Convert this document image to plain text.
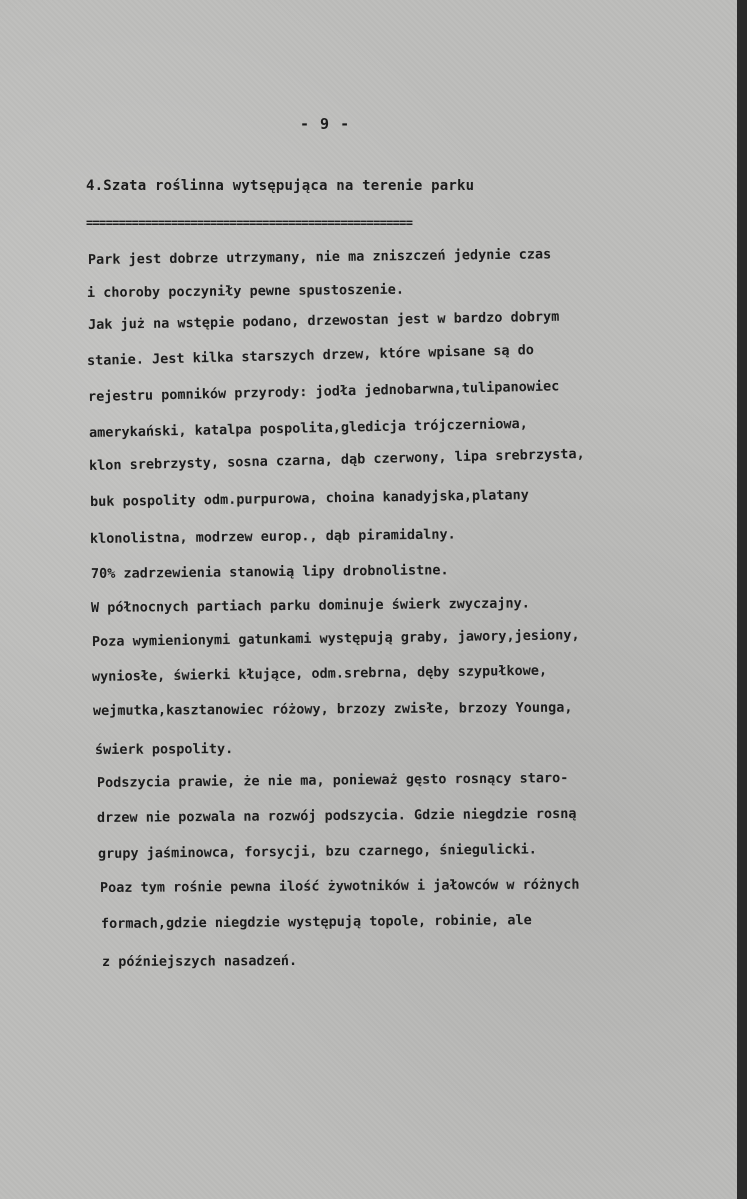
- 9 -
4.Szata roślinna wytsępująca na terenie parku
==================================================
Park jest dobrze utrzymany, nie ma zniszczeń jedynie czas
i choroby poczyniły pewne spustoszenie.
Jak już na wstępie podano, drzewostan jest w bardzo dobrym
stanie. Jest kilka starszych drzew, które wpisane są do
rejestru pomników przyrody: jodła jednobarwna,tulipanowiec
amerykański, katalpa pospolita,gledicja trójczerniowa,
klon srebrzysty, sosna czarna, dąb czerwony, lipa srebrzysta,
buk pospolity odm.purpurowa, choina kanadyjska,platany
klonolistna, modrzew europ., dąb piramidalny.
70% zadrzewienia stanowią lipy drobnolistne.
W północnych partiach parku dominuje świerk zwyczajny.
Poza wymienionymi gatunkami występują graby, jawory,jesiony,
wyniosłe, świerki kłujące, odm.srebrna, dęby szypułkowe,
wejmutka,kasztanowiec różowy, brzozy zwisłe, brzozy Younga,
świerk pospolity.
Podszycia prawie, że nie ma, ponieważ gęsto rosnący staro-
drzew nie pozwala na rozwój podszycia. Gdzie niegdzie rosną
grupy jaśminowca, forsycji, bzu czarnego, śniegulicki.
Poaz tym rośnie pewna ilość żywotników i jałowców w różnych
formach,gdzie niegdzie występują topole, robinie, ale
z późniejszych nasadzeń.
